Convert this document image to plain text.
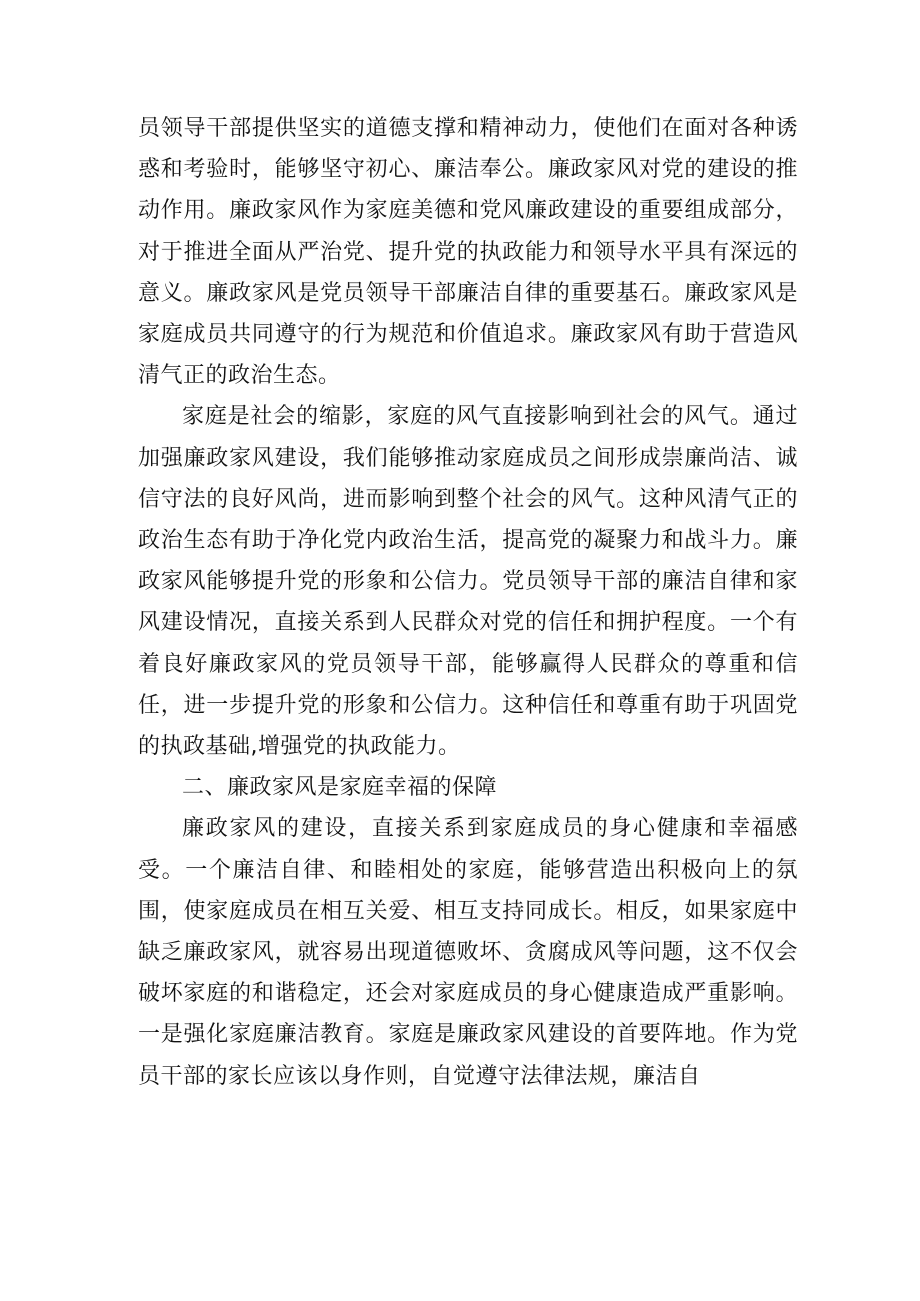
员领导干部提供坚实的道德支撑和精神动力，使他们在面对各种诱惑和考验时，能够坚守初心、廉洁奉公。廉政家风对党的建设的推动作用。廉政家风作为家庭美德和党风廉政建设的重要组成部分，对于推进全面从严治党、提升党的执政能力和领导水平具有深远的意义。廉政家风是党员领导干部廉洁自律的重要基石。廉政家风是家庭成员共同遵守的行为规范和价值追求。廉政家风有助于营造风清气正的政治生态。

家庭是社会的缩影，家庭的风气直接影响到社会的风气。通过加强廉政家风建设，我们能够推动家庭成员之间形成崇廉尚洁、诚信守法的良好风尚，进而影响到整个社会的风气。这种风清气正的政治生态有助于净化党内政治生活，提高党的凝聚力和战斗力。廉政家风能够提升党的形象和公信力。党员领导干部的廉洁自律和家风建设情况，直接关系到人民群众对党的信任和拥护程度。一个有着良好廉政家风的党员领导干部，能够赢得人民群众的尊重和信任，进一步提升党的形象和公信力。这种信任和尊重有助于巩固党的执政基础,增强党的执政能力。

二、廉政家风是家庭幸福的保障

廉政家风的建设，直接关系到家庭成员的身心健康和幸福感受。一个廉洁自律、和睦相处的家庭，能够营造出积极向上的氛围，使家庭成员在相互关爱、相互支持同成长。相反，如果家庭中缺乏廉政家风，就容易出现道德败坏、贪腐成风等问题，这不仅会破坏家庭的和谐稳定，还会对家庭成员的身心健康造成严重影响。一是强化家庭廉洁教育。家庭是廉政家风建设的首要阵地。作为党员干部的家长应该以身作则，自觉遵守法律法规，廉洁自
